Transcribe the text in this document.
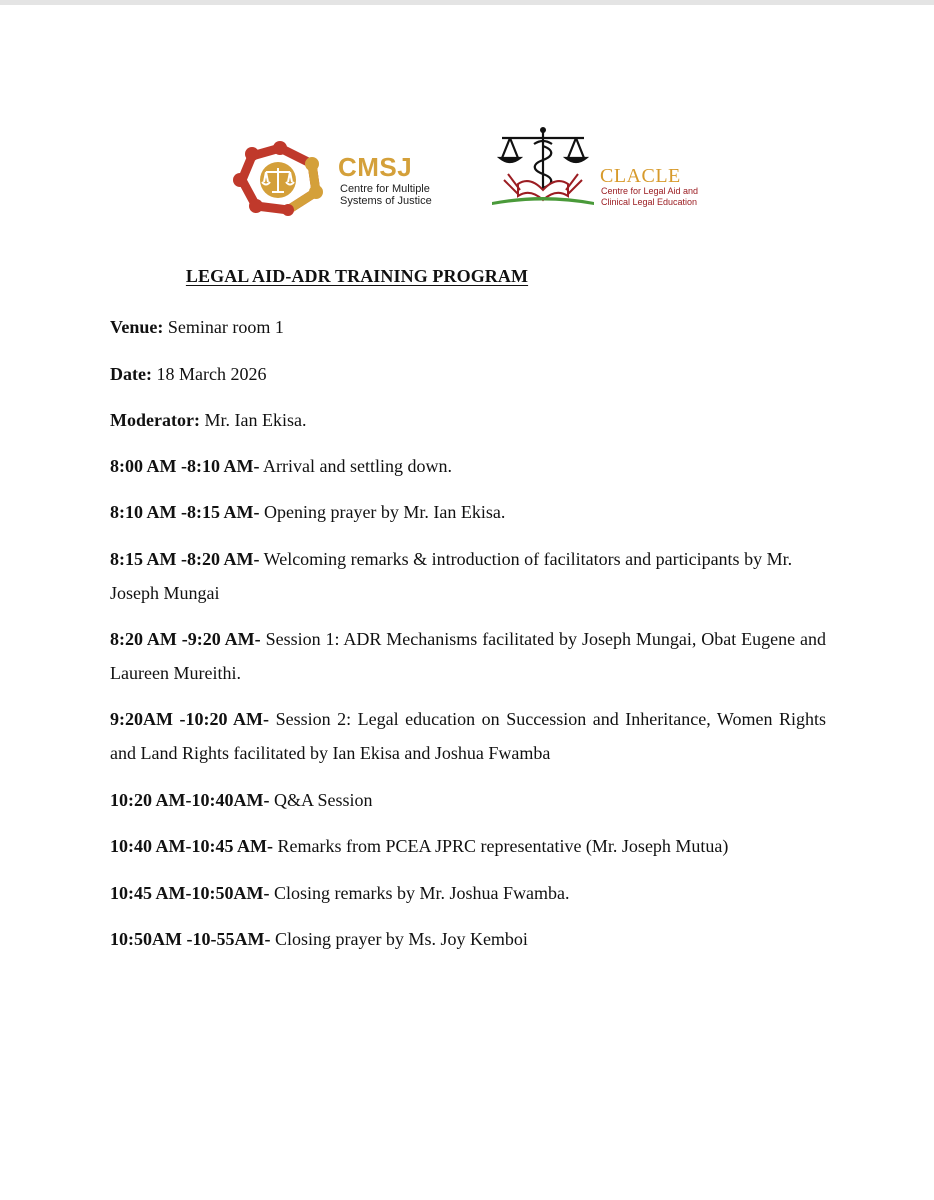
CMSJ
Centre for Multiple
Systems of Justice
CLACLE
Centre for Legal Aid and
Clinical Legal Education
LEGAL AID-ADR TRAINING PROGRAM
Venue: Seminar room 1
Date: 18 March 2026
Moderator: Mr. Ian Ekisa.
8:00 AM -8:10 AM- Arrival and settling down.
8:10 AM -8:15 AM- Opening prayer by Mr. Ian Ekisa.
8:15 AM -8:20 AM- Welcoming remarks & introduction of facilitators and participants by Mr. Joseph Mungai
8:20 AM -9:20 AM- Session 1: ADR Mechanisms facilitated by Joseph Mungai, Obat Eugene and Laureen Mureithi.
9:20AM -10:20 AM- Session 2: Legal education on Succession and Inheritance, Women Rights and Land Rights facilitated by Ian Ekisa and Joshua Fwamba
10:20 AM-10:40AM- Q&A Session
10:40 AM-10:45 AM- Remarks from PCEA JPRC representative (Mr. Joseph Mutua)
10:45 AM-10:50AM- Closing remarks by Mr. Joshua Fwamba.
10:50AM -10-55AM- Closing prayer by Ms. Joy Kemboi
